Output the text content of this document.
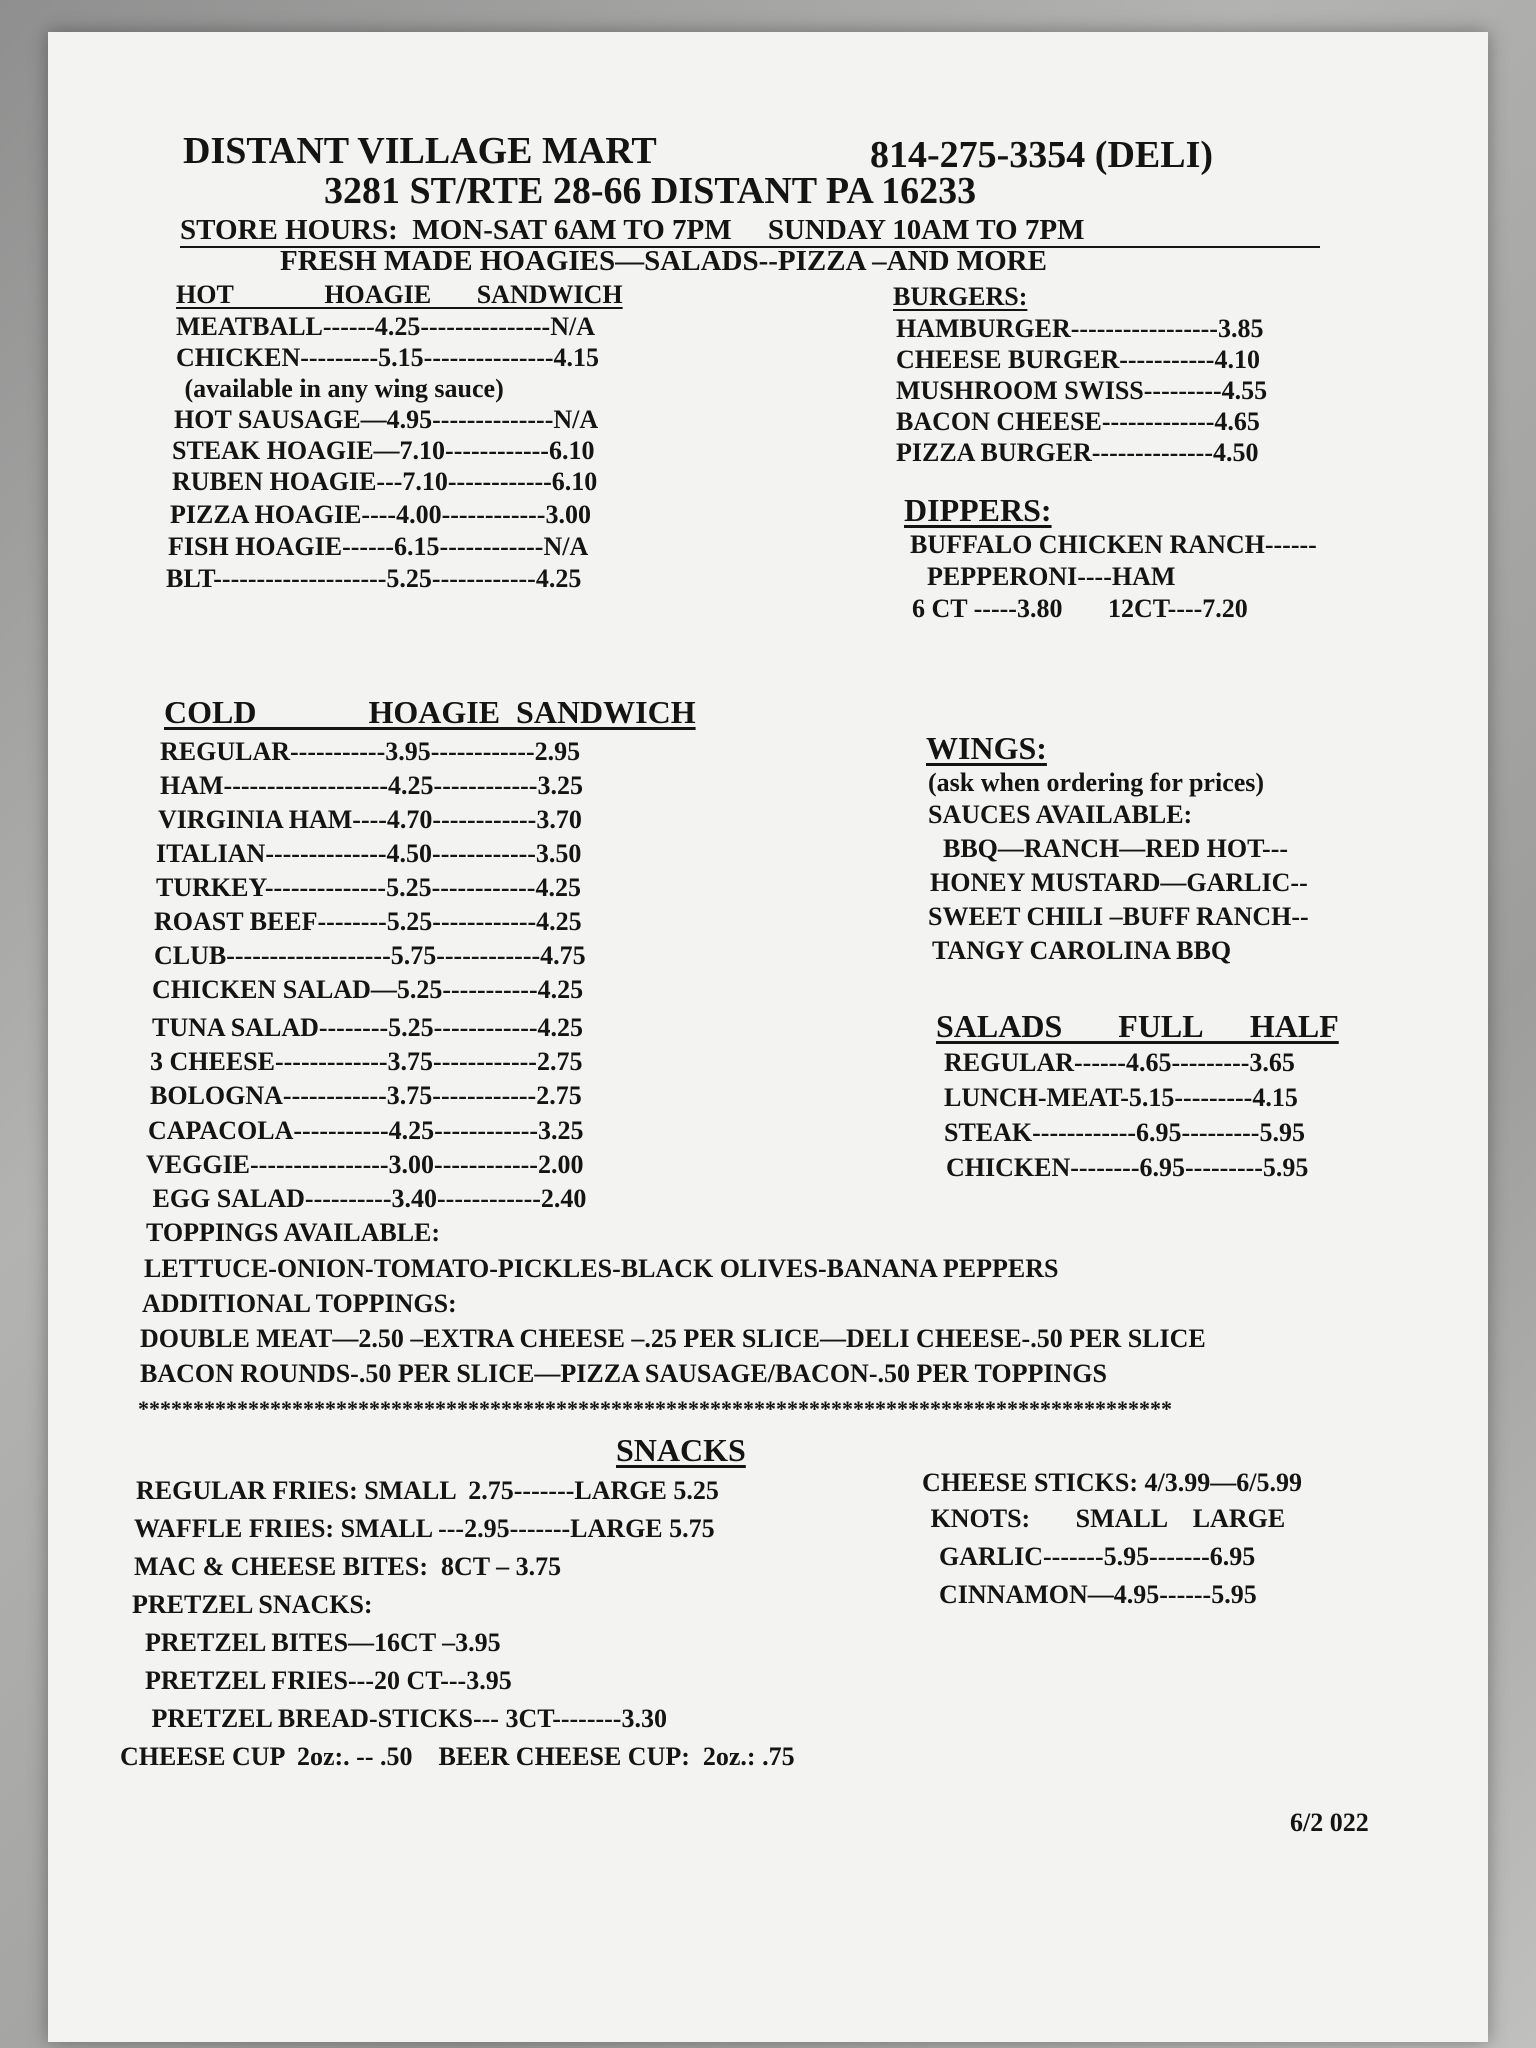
DISTANT VILLAGE MART	814-275-3354 (DELI)

3281 ST/RTE 28-66 DISTANT PA 16233

STORE HOURS:  MON-SAT 6AM TO 7PM     SUNDAY 10AM TO 7PM

FRESH MADE HOAGIES—SALADS--PIZZA –AND MORE

HOT              HOAGIE       SANDWICH

MEATBALL------4.25---------------N/A

CHICKEN---------5.15---------------4.15

(available in any wing sauce)

HOT SAUSAGE—4.95--------------N/A

STEAK HOAGIE—7.10------------6.10

RUBEN HOAGIE---7.10------------6.10

PIZZA HOAGIE----4.00------------3.00

FISH HOAGIE------6.15------------N/A

BLT--------------------5.25------------4.25

BURGERS:

HAMBURGER-----------------3.85

CHEESE BURGER-----------4.10

MUSHROOM SWISS---------4.55

BACON CHEESE-------------4.65

PIZZA BURGER--------------4.50

DIPPERS:

BUFFALO CHICKEN RANCH------

PEPPERONI----HAM

6 CT -----3.80       12CT----7.20

COLD              HOAGIE  SANDWICH

REGULAR-----------3.95------------2.95

HAM-------------------4.25------------3.25

VIRGINIA HAM----4.70------------3.70

ITALIAN--------------4.50------------3.50

TURKEY--------------5.25------------4.25

ROAST BEEF--------5.25------------4.25

CLUB-------------------5.75------------4.75

CHICKEN SALAD—5.25-----------4.25

TUNA SALAD--------5.25------------4.25

3 CHEESE-------------3.75------------2.75

BOLOGNA------------3.75------------2.75

CAPACOLA-----------4.25------------3.25

VEGGIE----------------3.00------------2.00

EGG SALAD----------3.40------------2.40

WINGS:

(ask when ordering for prices)

SAUCES AVAILABLE:

BBQ—RANCH—RED HOT---

HONEY MUSTARD—GARLIC--

SWEET CHILI –BUFF RANCH--

TANGY CAROLINA BBQ

SALADS       FULL      HALF

REGULAR------4.65---------3.65

LUNCH-MEAT-5.15---------4.15

STEAK------------6.95---------5.95

CHICKEN--------6.95---------5.95

TOPPINGS AVAILABLE:

LETTUCE-ONION-TOMATO-PICKLES-BLACK OLIVES-BANANA PEPPERS

ADDITIONAL TOPPINGS:

DOUBLE MEAT—2.50 –EXTRA CHEESE –.25 PER SLICE—DELI CHEESE-.50 PER SLICE

BACON ROUNDS-.50 PER SLICE—PIZZA SAUSAGE/BACON-.50 PER TOPPINGS

**********************************************************************************************

SNACKS

REGULAR FRIES: SMALL  2.75-------LARGE 5.25

WAFFLE FRIES: SMALL ---2.95-------LARGE 5.75

MAC & CHEESE BITES:  8CT – 3.75

PRETZEL SNACKS:

PRETZEL BITES—16CT –3.95

PRETZEL FRIES---20 CT---3.95

PRETZEL BREAD-STICKS--- 3CT--------3.30

CHEESE CUP  2oz:. -- .50    BEER CHEESE CUP:  2oz.: .75

CHEESE STICKS: 4/3.99—6/5.99

KNOTS:       SMALL    LARGE

GARLIC-------5.95-------6.95

CINNAMON—4.95------5.95

6/2 022
